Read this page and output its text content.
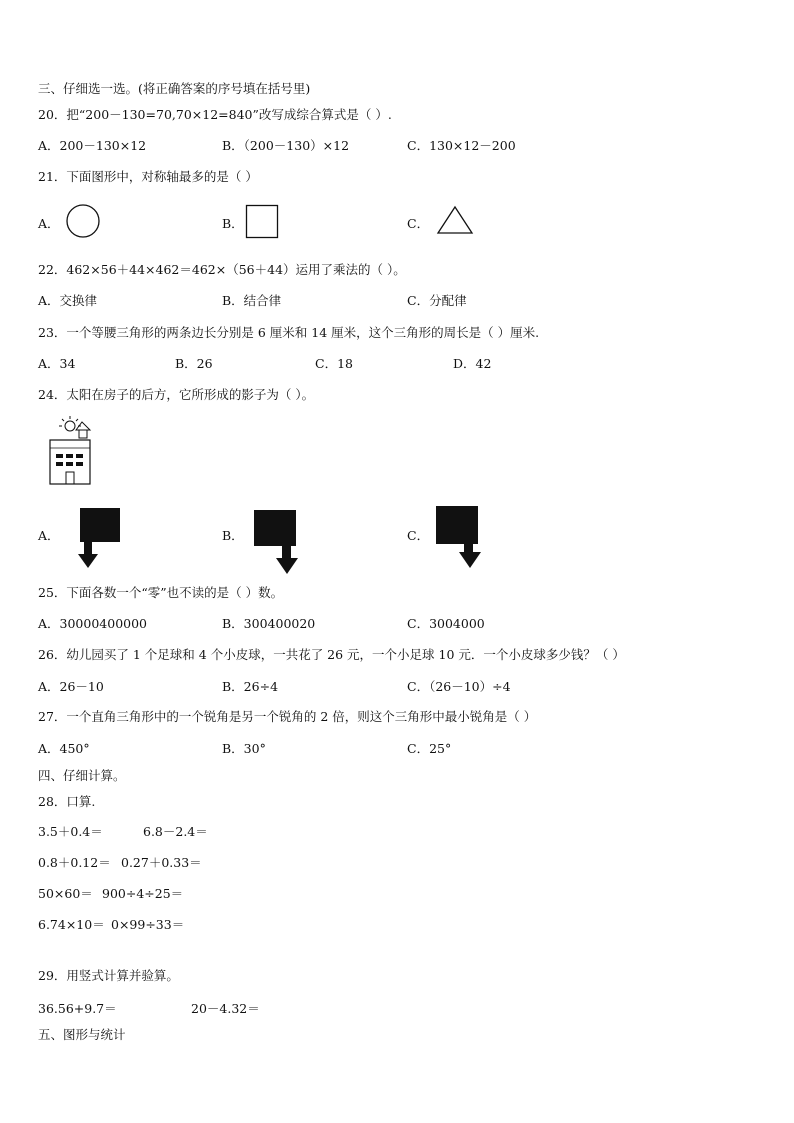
三、仔细选一选。(将正确答案的序号填在括号里)
20．把“200－130=70,70×12=840”改写成综合算式是（ ）.
A．200－130×12	B．（200－130）×12	C．130×12－200
21．下面图形中，对称轴最多的是（ ）
A．	B．	C．
22．462×56＋44×462＝462×（56＋44）运用了乘法的（ ）。
A．交换律	B．结合律	C．分配律
23．一个等腰三角形的两条边长分别是 6 厘米和 14 厘米，这个三角形的周长是（ ）厘米.
A．34	B．26	C．18	D．42
24．太阳在房子的后方，它所形成的影子为（ ）。
A．	B．	C．
25．下面各数一个“零”也不读的是（ ）数。
A．30000400000	B．300400020	C．3004000
26．幼儿园买了 1 个足球和 4 个小皮球，一共花了 26 元，一个小足球 10 元．一个小皮球多少钱？（ ）
A．26－10	B．26÷4	C．（26－10）÷4
27．一个直角三角形中的一个锐角是另一个锐角的 2 倍，则这个三角形中最小锐角是（ ）
A．450°	B．30°	C．25°
四、仔细计算。
28．口算.
3.5＋0.4＝	6.8－2.4＝
0.8＋0.12＝ 0.27＋0.33＝
50×60＝ 900÷4÷25＝
6.74×10＝ 0×99÷33＝
29．用竖式计算并验算。
36.56+9.7＝	20－4.32＝
五、图形与统计
